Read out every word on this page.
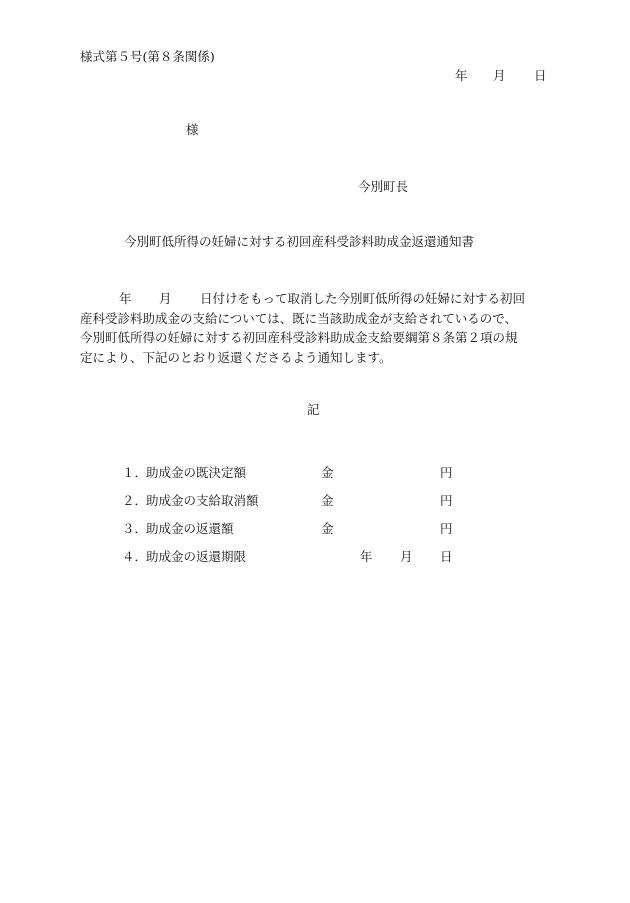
様式第５号(第８条関係)
年 月 日
様
今別町長
今別町低所得の妊婦に対する初回産科受診料助成金返還通知書
年 月 日付けをもって取消した今別町低所得の妊婦に対する初回
産科受診料助成金の支給については、既に当該助成金が支給されているので、
今別町低所得の妊婦に対する初回産科受診料助成金支給要綱第８条第２項の規
定により、下記のとおり返還くださるよう通知します。
記
１．
助成金の既決定額	金	円
２．
助成金の支給取消額	金	円
３．
助成金の返還額	金	円
４．
助成金の返還期限	年 月 日
